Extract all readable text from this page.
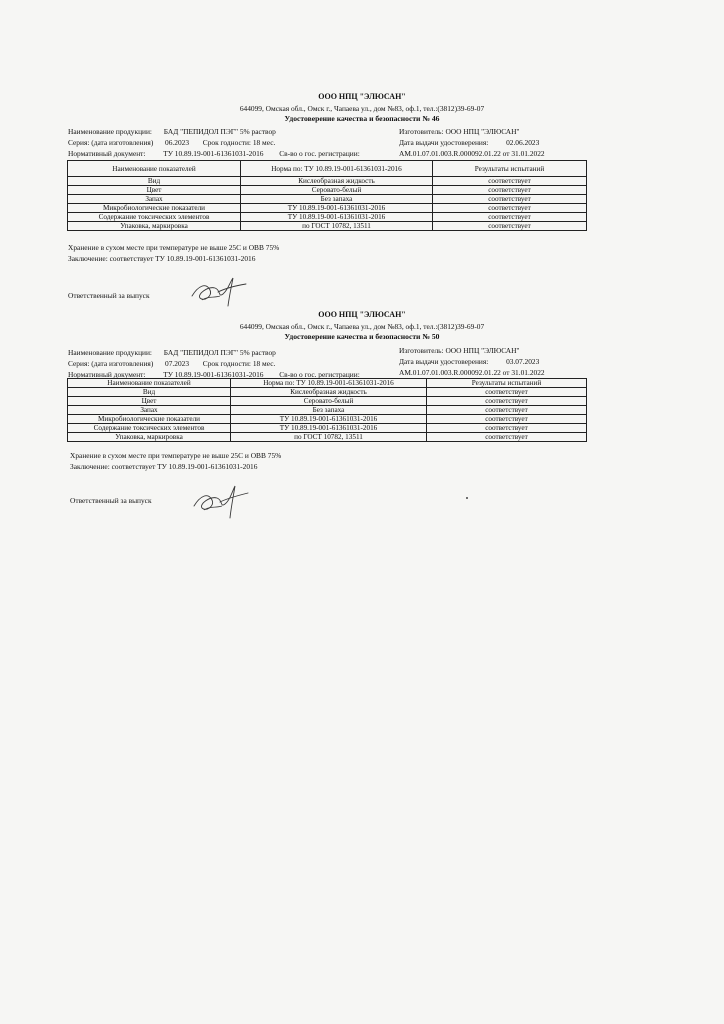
ООО НПЦ "ЭЛЮСАН"
644099, Омская обл., Омск г., Чапаева ул., дом №83, оф.1, тел.:(3812)39-69-07
Удостоверение качества и безопасности № 46
Наименование продукции: БАД "ПЕПИДОЛ ПЭГ" 5% раствор
Серия: (дата изготовления) 06.2023 Срок годности: 18 мес.
Нормативный документ: ТУ 10.89.19-001-61361031-2016 Св-во о гос. регистрации:
Изготовитель: ООО НПЦ "ЭЛЮСАН"
Дата выдачи удостоверения: 02.06.2023
AM.01.07.01.003.R.000092.01.22 от 31.01.2022
Наименование показателей	Норма по: ТУ 10.89.19-001-61361031-2016	Результаты испытаний
Вид	Кислеобразная жидкость	соответствует
Цвет	Серовато-белый	соответствует
Запах	Без запаха	соответствует
Микробиологические показатели	ТУ 10.89.19-001-61361031-2016	соответствует
Содержание токсических элементов	ТУ 10.89.19-001-61361031-2016	соответствует
Упаковка, маркировка	по ГОСТ 10782, 13511	соответствует
Хранение в сухом месте при температуре не выше 25С и ОВВ 75%
Заключение: соответствует ТУ 10.89.19-001-61361031-2016
Ответственный за выпуск
ООО НПЦ "ЭЛЮСАН"
644099, Омская обл., Омск г., Чапаева ул., дом №83, оф.1, тел.:(3812)39-69-07
Удостоверение качества и безопасности № 50
Наименование продукции: БАД "ПЕПИДОЛ ПЭГ" 5% раствор
Серия: (дата изготовления) 07.2023 Срок годности: 18 мес.
Нормативный документ: ТУ 10.89.19-001-61361031-2016 Св-во о гос. регистрации:
Изготовитель: ООО НПЦ "ЭЛЮСАН"
Дата выдачи удостоверения: 03.07.2023
AM.01.07.01.003.R.000092.01.22 от 31.01.2022
Наименование показателей	Норма по: ТУ 10.89.19-001-61361031-2016	Результаты испытаний
Вид	Кислеобразная жидкость	соответствует
Цвет	Серовато-белый	соответствует
Запах	Без запаха	соответствует
Микробиологические показатели	ТУ 10.89.19-001-61361031-2016	соответствует
Содержание токсических элементов	ТУ 10.89.19-001-61361031-2016	соответствует
Упаковка, маркировка	по ГОСТ 10782, 13511	соответствует
Хранение в сухом месте при температуре не выше 25С и ОВВ 75%
Заключение: соответствует ТУ 10.89.19-001-61361031-2016
Ответственный за выпуск
